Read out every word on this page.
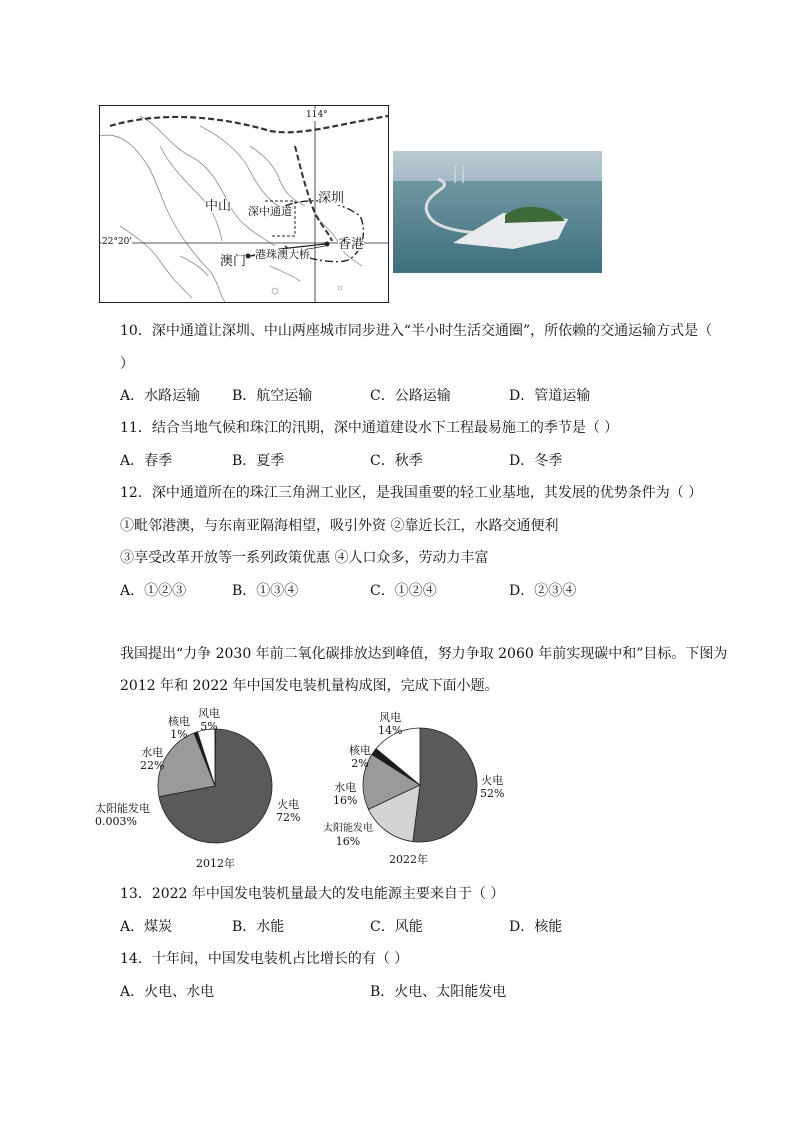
114°
22°20'
中山 深中通道
深圳
香港
澳门 港珠澳大桥
10．深中通道让深圳、中山两座城市同步进入“半小时生活交通圈”，所依赖的交通运输方式是（
）
A．水路运输 B．航空运输	C．公路运输	D．管道运输
11．结合当地气候和珠江的汛期，深中通道建设水下工程最易施工的季节是（ ）
A．春季	B．夏季	C．秋季	D．冬季
12．深中通道所在的珠江三角洲工业区，是我国重要的轻工业基地，其发展的优势条件为（ ）
①毗邻港澳，与东南亚隔海相望，吸引外资 ②靠近长江，水路交通便利
③享受改革开放等一系列政策优惠 ④人口众多，劳动力丰富
A．①②③	B．①③④	C．①②④	D．②③④
我国提出“力争 2030 年前二氧化碳排放达到峰值，努力争取 2060 年前实现碳中和”目标。下图为
2012 年和 2022 年中国发电装机量构成图，完成下面小题。
风电
5%
核电
1%
水电
22%
太阳能发电
0.003%
火电
72%
2012年
风电
14%
核电
2%
水电
16%
太阳能发电
16%
火电
52%
2022年
13．2022 年中国发电装机量最大的发电能源主要来自于（ ）
A．煤炭	B．水能	C．风能	D．核能
14．十年间，中国发电装机占比增长的有（ ）
A．火电、水电	B．火电、太阳能发电
